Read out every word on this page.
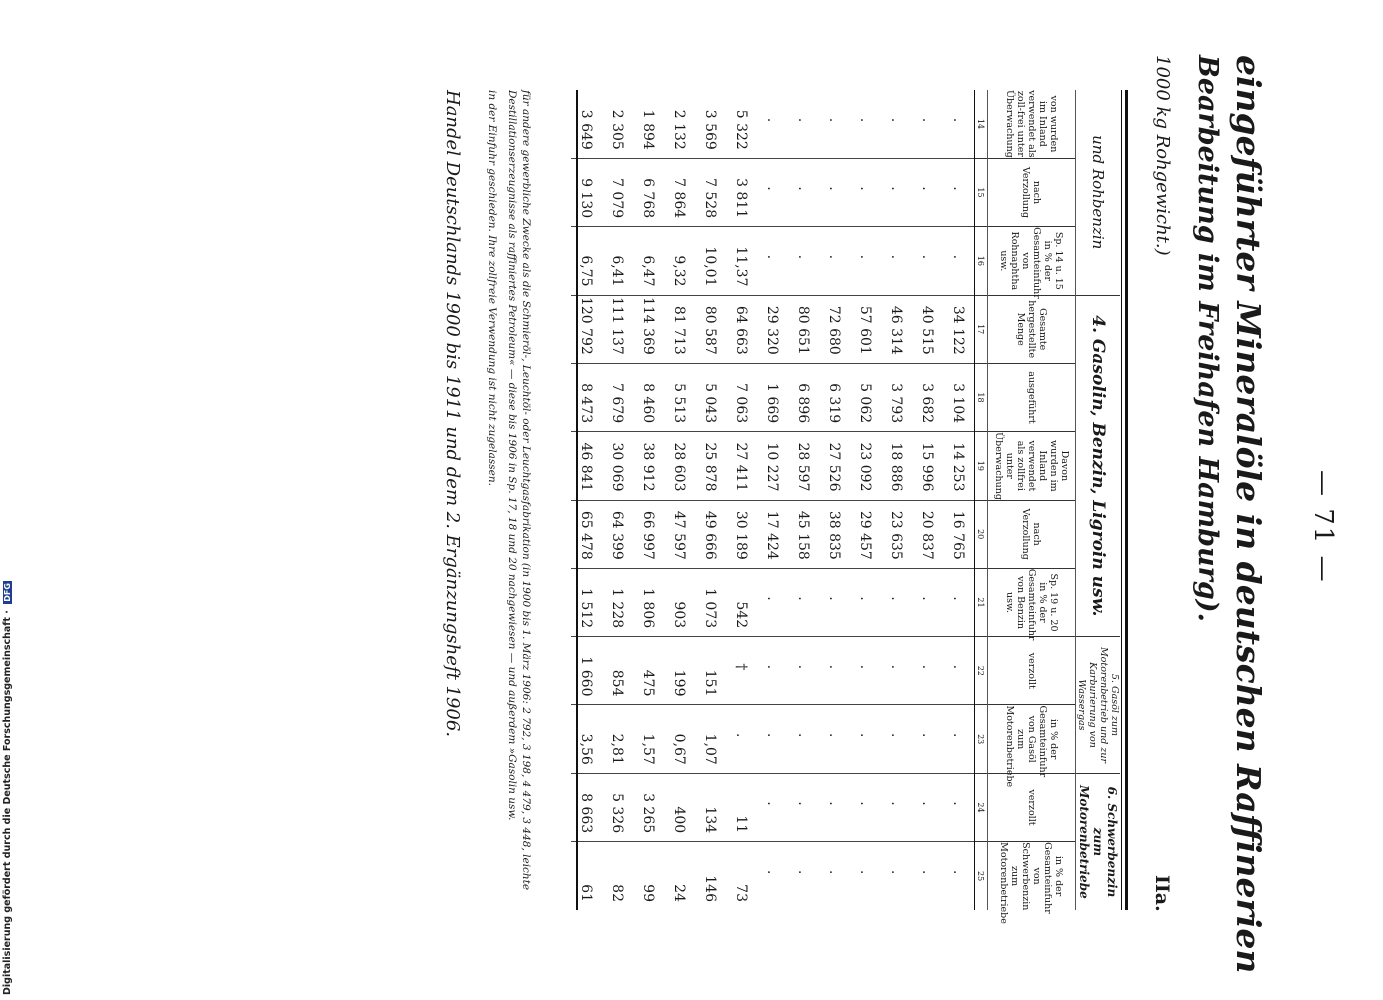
— 71 —
IIa. eingeführter Mineralöle in deutschen Raffinerien
Bearbeitung im Freihafen Hamburg).
1000 kg Rohgewicht.)
und Rohbenzin			4. Gasolin, Benzin, Ligroin usw.					5. Gasöl zum Motorenbetrieb und zur Karburierung von Wassergas		6. Schwerbenzin zum Motorenbetriebe	
von wurden im Inland verwendet als zoll-frei unter Überwachung	nach Verzollung	Sp. 14 u. 15 in % der Gesamteinfuhr von Rohnaphtha usw.	Gesamte hergestellte Menge	ausgeführt	Davon wurden im Inland verwendet als zollfrei unter Überwachung	nach Verzollung	Sp. 19 u. 20 in % der Gesamteinfuhr von Benzin usw.	verzollt	in % der Gesamteinfuhr von Gasöl zum Motorenbetriebe	verzollt	in % der Gesamteinfuhr von Schwerbenzin zum Motorenbetriebe
14	15	16	17	18	19	20	21	22	23	24	25
.	.	.	34 122	3 104	14 253	16 765	.	.	.	.	.
.	.	.	40 515	3 682	15 996	20 837	.	.	.	.	.
.	.	.	46 314	3 793	18 886	23 635	.	.	.	.	.
.	.	.	57 601	5 062	23 092	29 457	.	.	.	.	.
.	.	.	72 680	6 319	27 526	38 835	.	.	.	.	.
.	.	.	80 651	6 896	28 597	45 158	.	.	.	.	.
.	.	.	29 320	1 669	10 227	17 424	.	.	.	.	.
5 322	3 811	11,37	64 663	7 063	27 411	30 189	542	†	.	11	73
3 569	7 528	10,01	80 587	5 043	25 878	49 666	1 073	151	1,07	134	146
2 132	7 864	9,32	81 713	5 513	28 603	47 597	903	199	0,67	400	24
1 894	6 768	6,47	114 369	8 460	38 912	66 997	1 806	475	1,57	3 265	99
2 305	7 079	6,41	111 137	7 679	30 069	64 399	1 228	854	2,81	5 326	82
3 649	9 130	6,75	120 792	8 473	46 841	65 478	1 512	1 660	3,56	8 663	61
für andere gewerbliche Zwecke als die Schmieröl-, Leuchtöl- oder Leuchtgasfabrikation (in 1900 bis 1. März 1906: 2 792, 3 198, 4 479, 3 448, leichte Destillationserzeugnisse als raffiniertes Petroleum« — diese bis 1906 in Sp. 17, 18 und 20 nachgewiesen — und außerdem »Gasolin usw.
in der Einfuhr geschieden. Ihre zollfreie Verwendung ist nicht zugelassen.
Handel Deutschlands 1900 bis 1911 und dem 2. Ergänzungsheft 1906.
Digitalisierung gefördert durch die Deutsche Forschungsgemeinschaft · DFG
